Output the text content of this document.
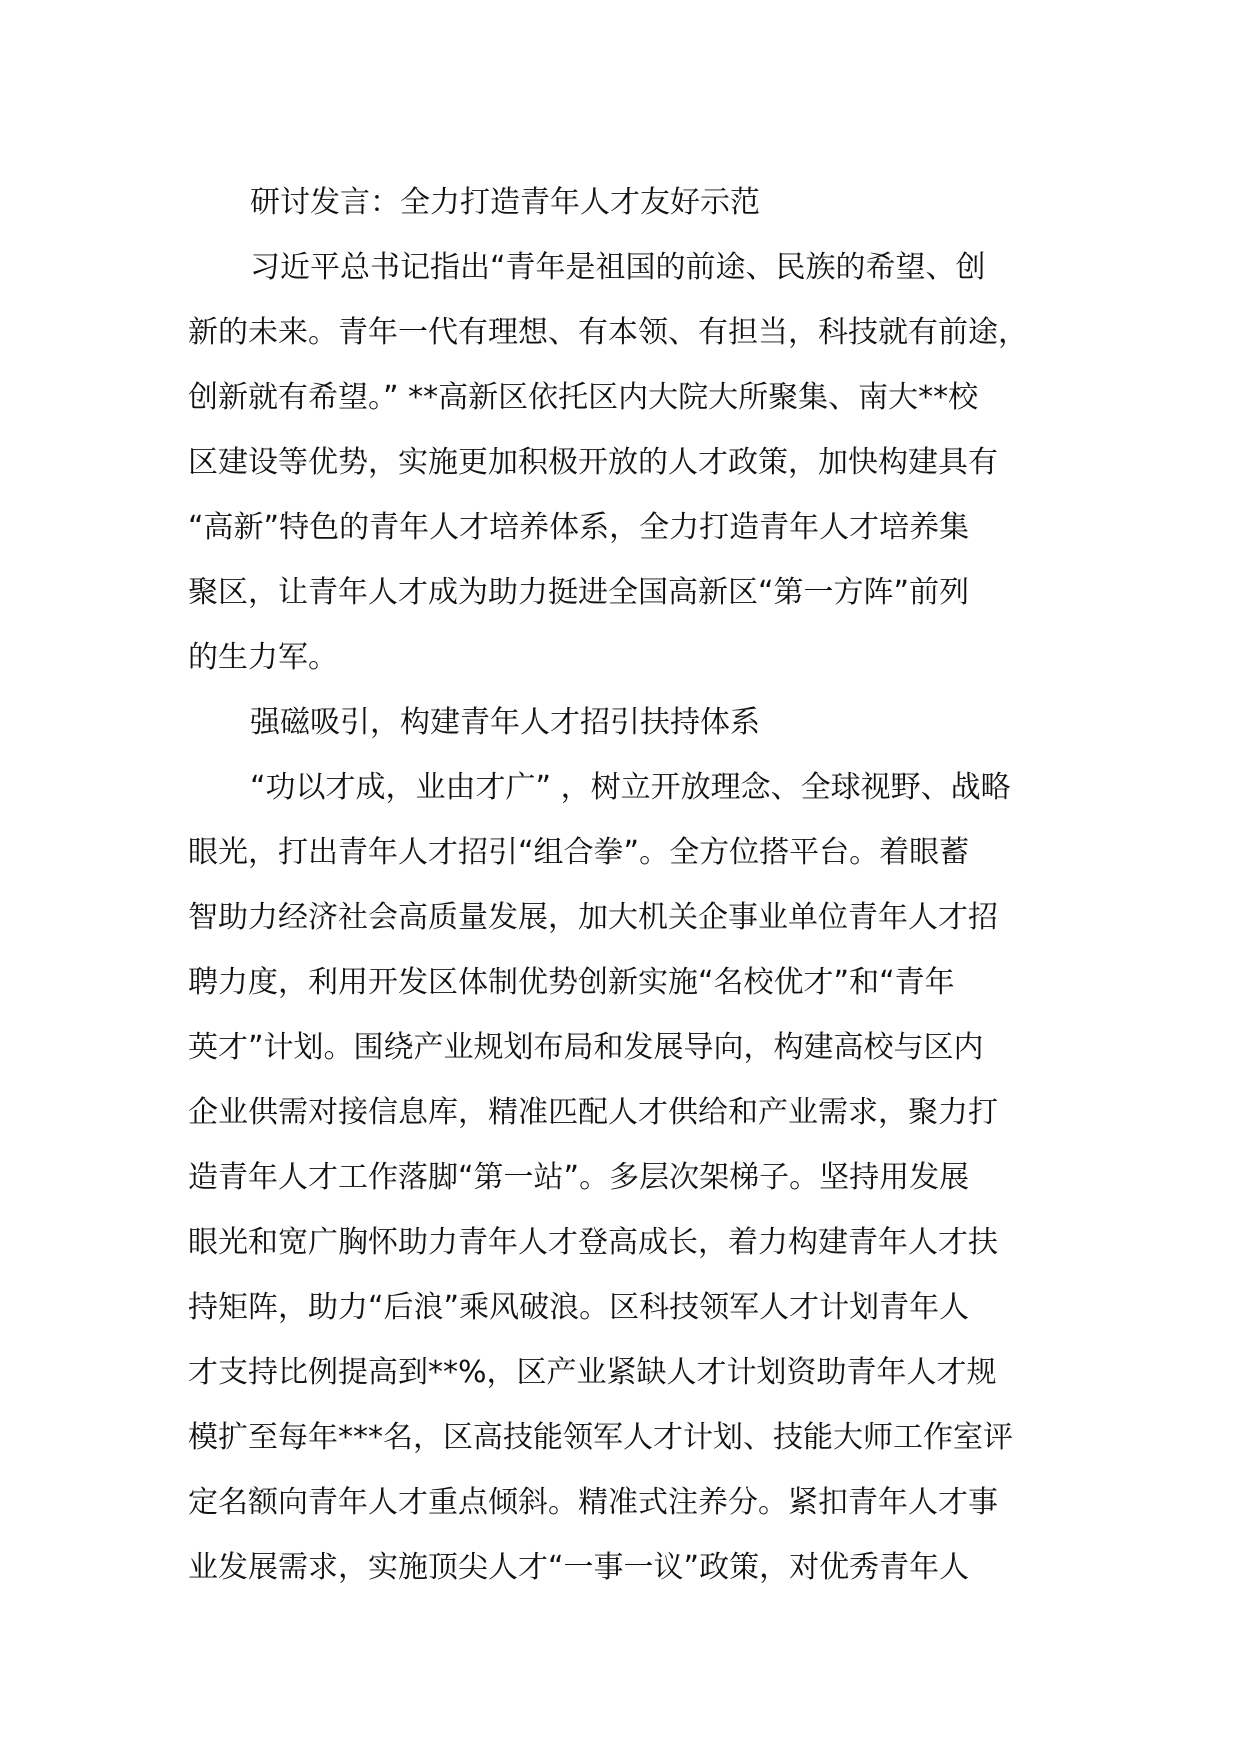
研讨发言：全力打造青年人才友好示范
习近平总书记指出“青年是祖国的前途、民族的希望、创
新的未来。青年一代有理想、有本领、有担当，科技就有前途，
创新就有希望。” **高新区依托区内大院大所聚集、南大**校
区建设等优势，实施更加积极开放的人才政策，加快构建具有
“高新”特色的青年人才培养体系，全力打造青年人才培养集
聚区，让青年人才成为助力挺进全国高新区“第一方阵”前列
的生力军。
强磁吸引，构建青年人才招引扶持体系
“功以才成，业由才广” ，树立开放理念、全球视野、战略
眼光，打出青年人才招引“组合拳”。全方位搭平台。着眼蓄
智助力经济社会高质量发展，加大机关企事业单位青年人才招
聘力度，利用开发区体制优势创新实施“名校优才”和“青年
英才”计划。围绕产业规划布局和发展导向，构建高校与区内
企业供需对接信息库，精准匹配人才供给和产业需求，聚力打
造青年人才工作落脚“第一站”。多层次架梯子。坚持用发展
眼光和宽广胸怀助力青年人才登高成长，着力构建青年人才扶
持矩阵，助力“后浪”乘风破浪。区科技领军人才计划青年人
才支持比例提高到**%，区产业紧缺人才计划资助青年人才规
模扩至每年***名，区高技能领军人才计划、技能大师工作室评
定名额向青年人才重点倾斜。精准式注养分。紧扣青年人才事
业发展需求，实施顶尖人才“一事一议”政策，对优秀青年人
